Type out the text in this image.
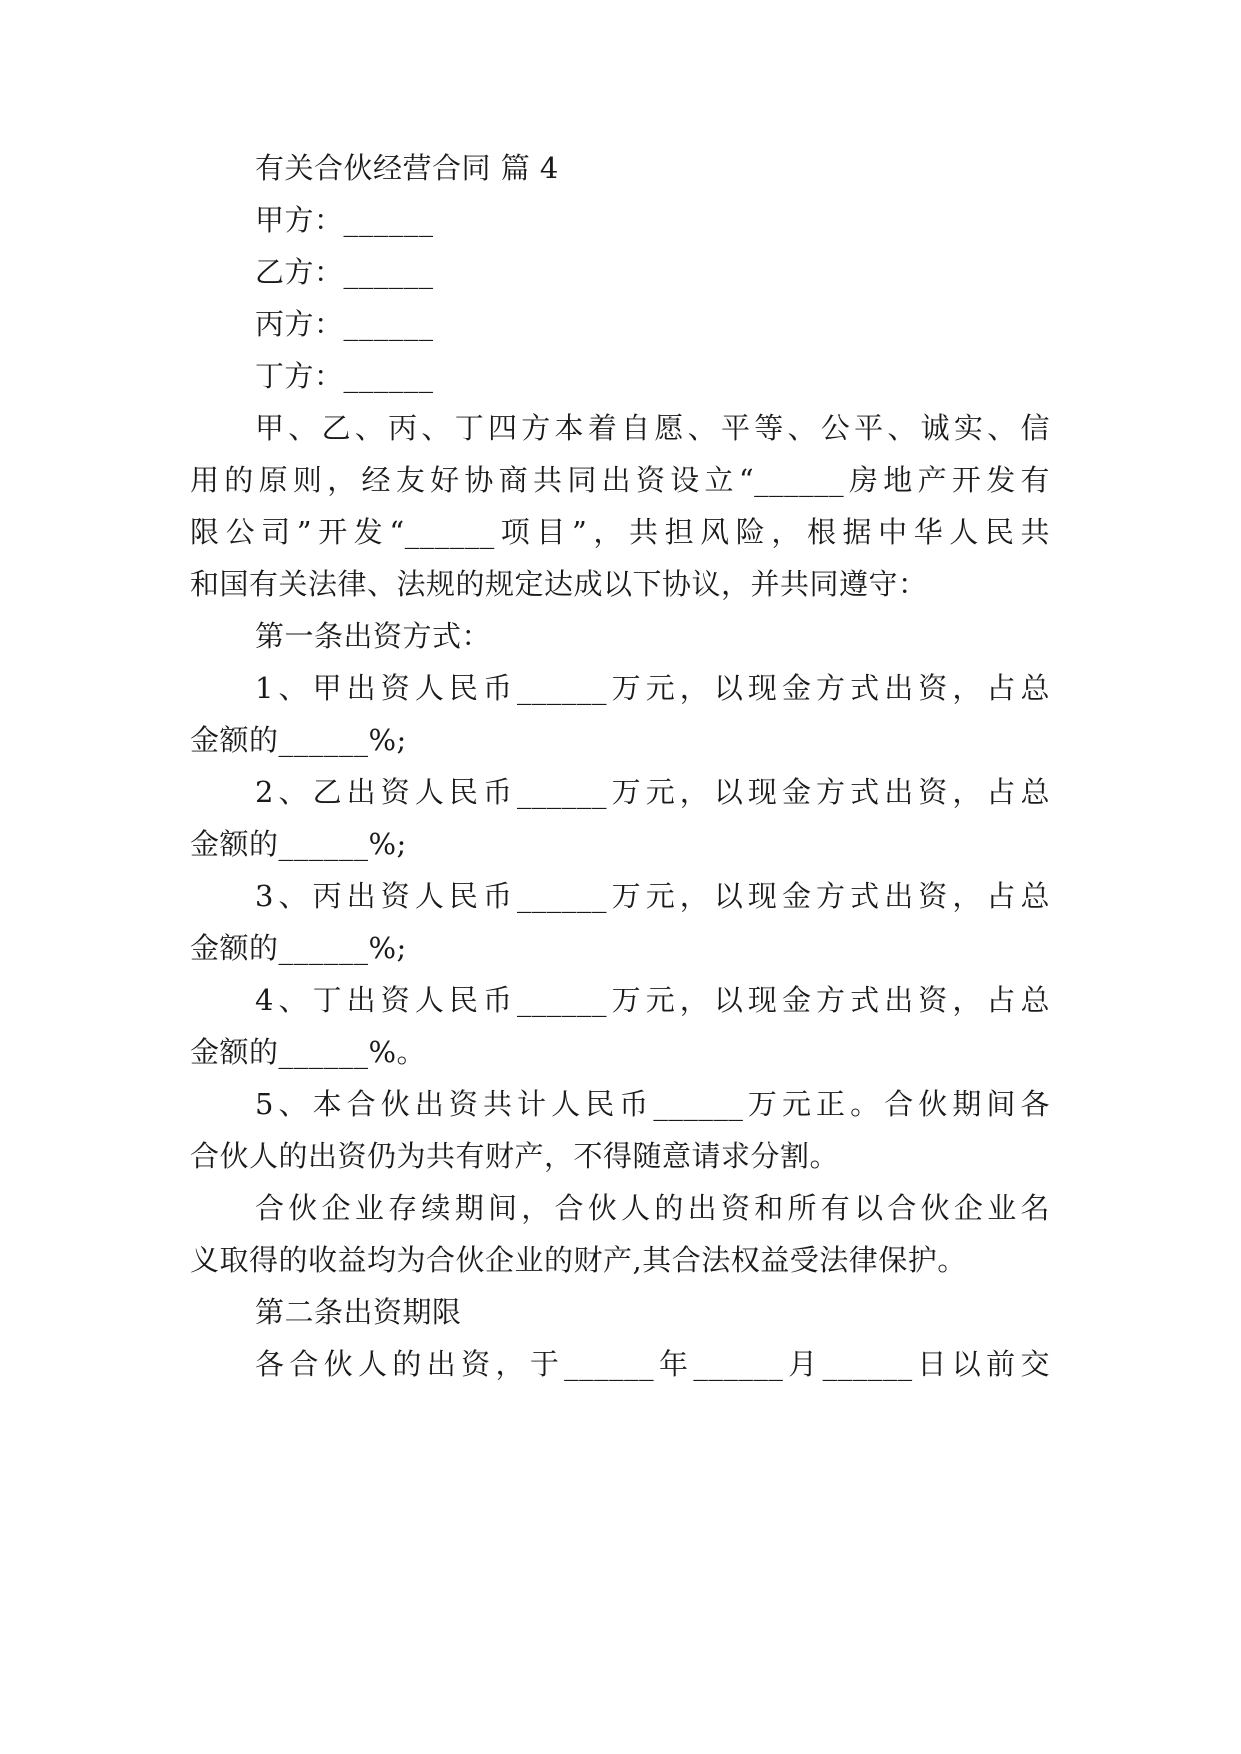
有关合伙经营合同 篇 4
甲方：______
乙方：______
丙方：______
丁方：______
甲、乙、丙、丁四方本着自愿、平等、公平、诚实、信
用的原则，经友好协商共同出资设立“______房地产开发有
限公司”开发“______项目”，共担风险，根据中华人民共
和国有关法律、法规的规定达成以下协议，并共同遵守：
第一条出资方式：
1、甲出资人民币______万元，以现金方式出资，占总
金额的______%;
2、乙出资人民币______万元，以现金方式出资，占总
金额的______%;
3、丙出资人民币______万元，以现金方式出资，占总
金额的______%;
4、丁出资人民币______万元，以现金方式出资，占总
金额的______%。
5、本合伙出资共计人民币______万元正。合伙期间各
合伙人的出资仍为共有财产，不得随意请求分割。
合伙企业存续期间，合伙人的出资和所有以合伙企业名
义取得的收益均为合伙企业的财产,其合法权益受法律保护。
第二条出资期限
各合伙人的出资，于______年______月______日以前交
